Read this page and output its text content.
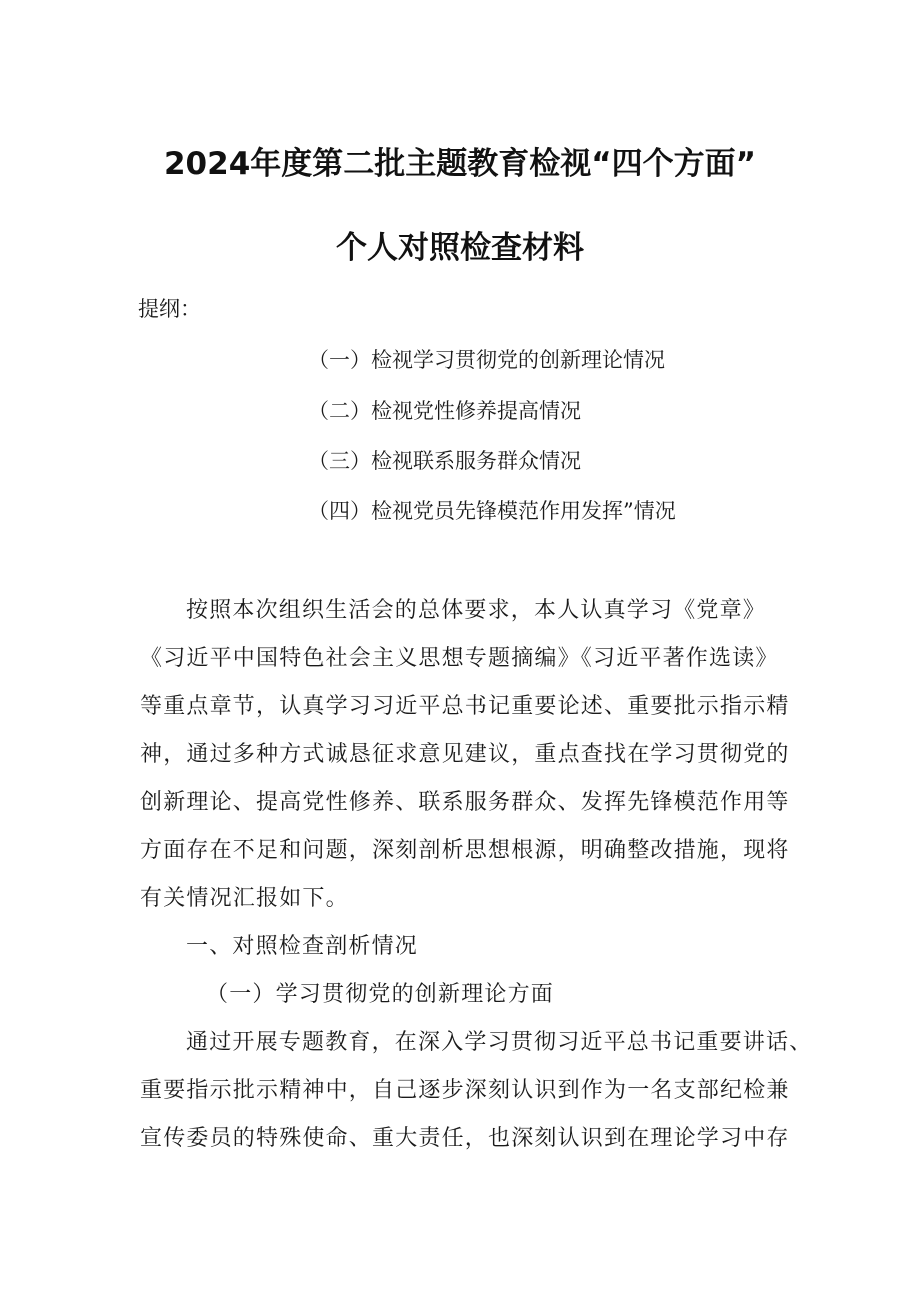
2024年度第二批主题教育检视“四个方面”
个人对照检查材料
提纲：
（一）检视学习贯彻党的创新理论情况
（二）检视党性修养提高情况
（三）检视联系服务群众情况
（四）检视党员先锋模范作用发挥”情况
按照本次组织生活会的总体要求，本人认真学习《党章》
《习近平中国特色社会主义思想专题摘编》《习近平著作选读》
等重点章节，认真学习习近平总书记重要论述、重要批示指示精
神，通过多种方式诚恳征求意见建议，重点查找在学习贯彻党的
创新理论、提高党性修养、联系服务群众、发挥先锋模范作用等
方面存在不足和问题，深刻剖析思想根源，明确整改措施，现将
有关情况汇报如下。
一、对照检查剖析情况
（一）学习贯彻党的创新理论方面
通过开展专题教育，在深入学习贯彻习近平总书记重要讲话、
重要指示批示精神中，自己逐步深刻认识到作为一名支部纪检兼
宣传委员的特殊使命、重大责任，也深刻认识到在理论学习中存
